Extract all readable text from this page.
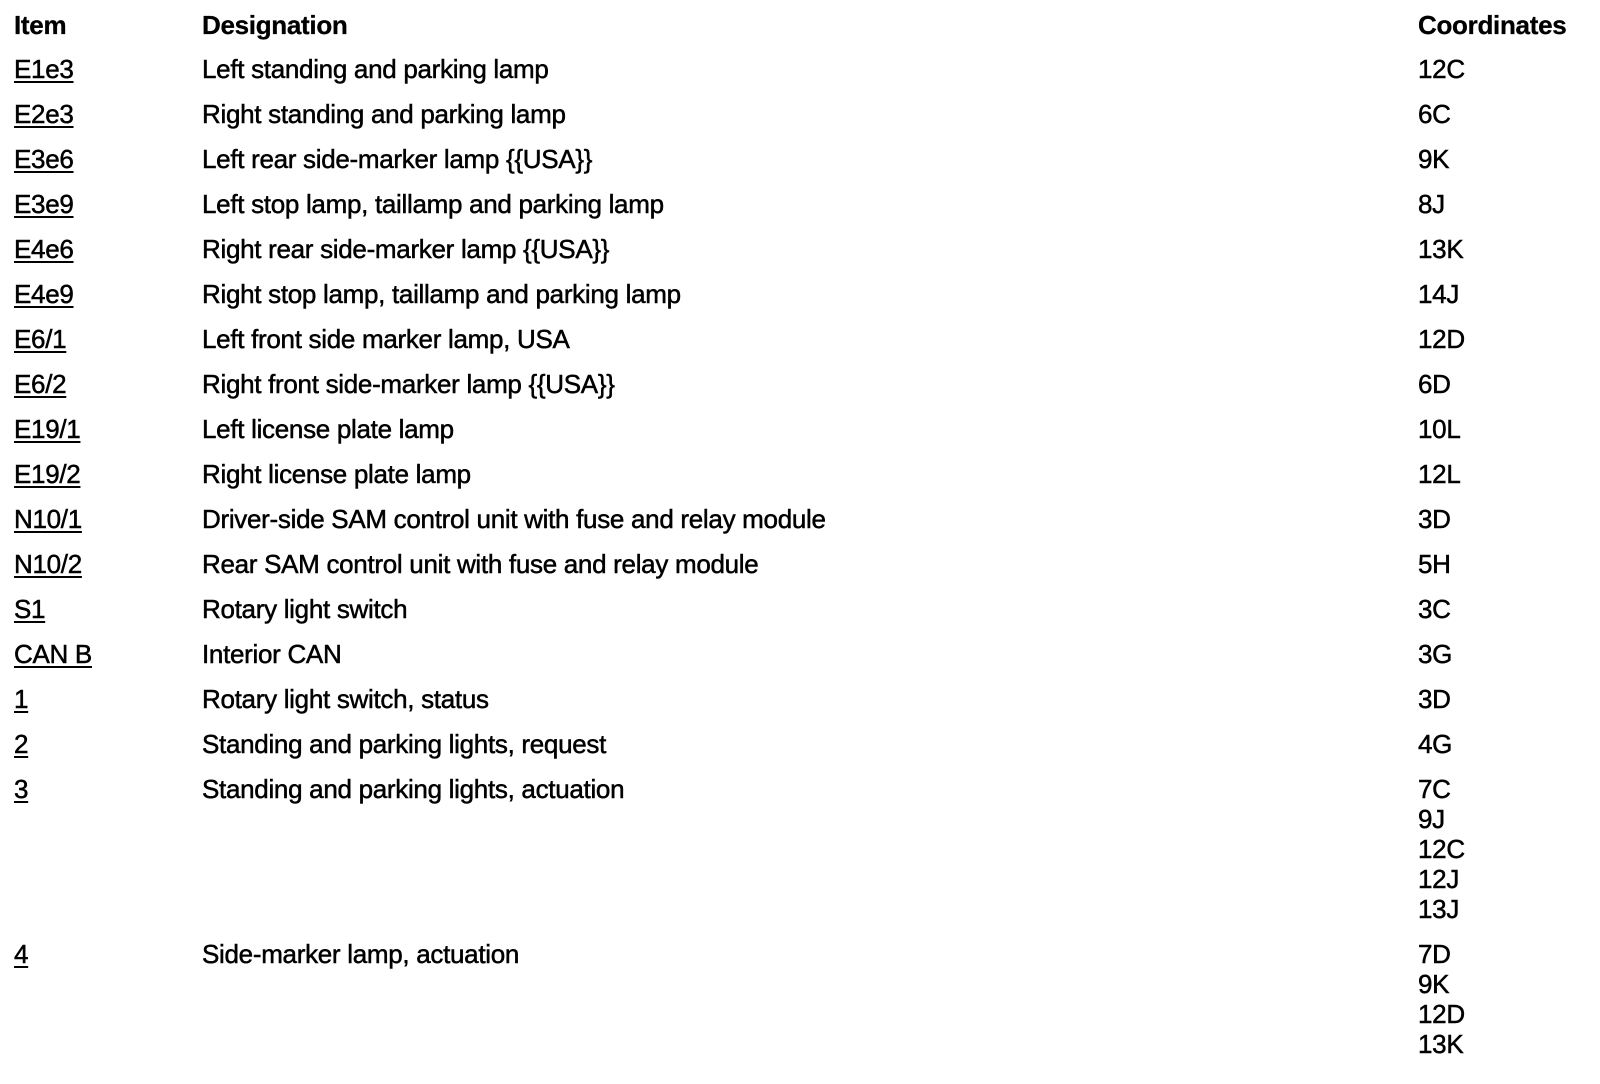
Item	Designation	Coordinates
E1e3	Left standing and parking lamp	12C

E2e3	Right standing and parking lamp	6C

E3e6	Left rear side-marker lamp {{USA}}	9K

E3e9	Left stop lamp, taillamp and parking lamp	8J

E4e6	Right rear side-marker lamp {{USA}}	13K

E4e9	Right stop lamp, taillamp and parking lamp	14J

E6/1	Left front side marker lamp, USA	12D

E6/2	Right front side-marker lamp {{USA}}	6D

E19/1	Left license plate lamp	10L

E19/2	Right license plate lamp	12L

N10/1	Driver-side SAM control unit with fuse and relay module	3D

N10/2	Rear SAM control unit with fuse and relay module	5H

S1	Rotary light switch	3C

CAN B	Interior CAN	3G

1	Rotary light switch, status	3D

2	Standing and parking lights, request	4G

3	Standing and parking lights, actuation	7C
9J
12C
12J
13J

4	Side-marker lamp, actuation	7D
9K
12D
13K
